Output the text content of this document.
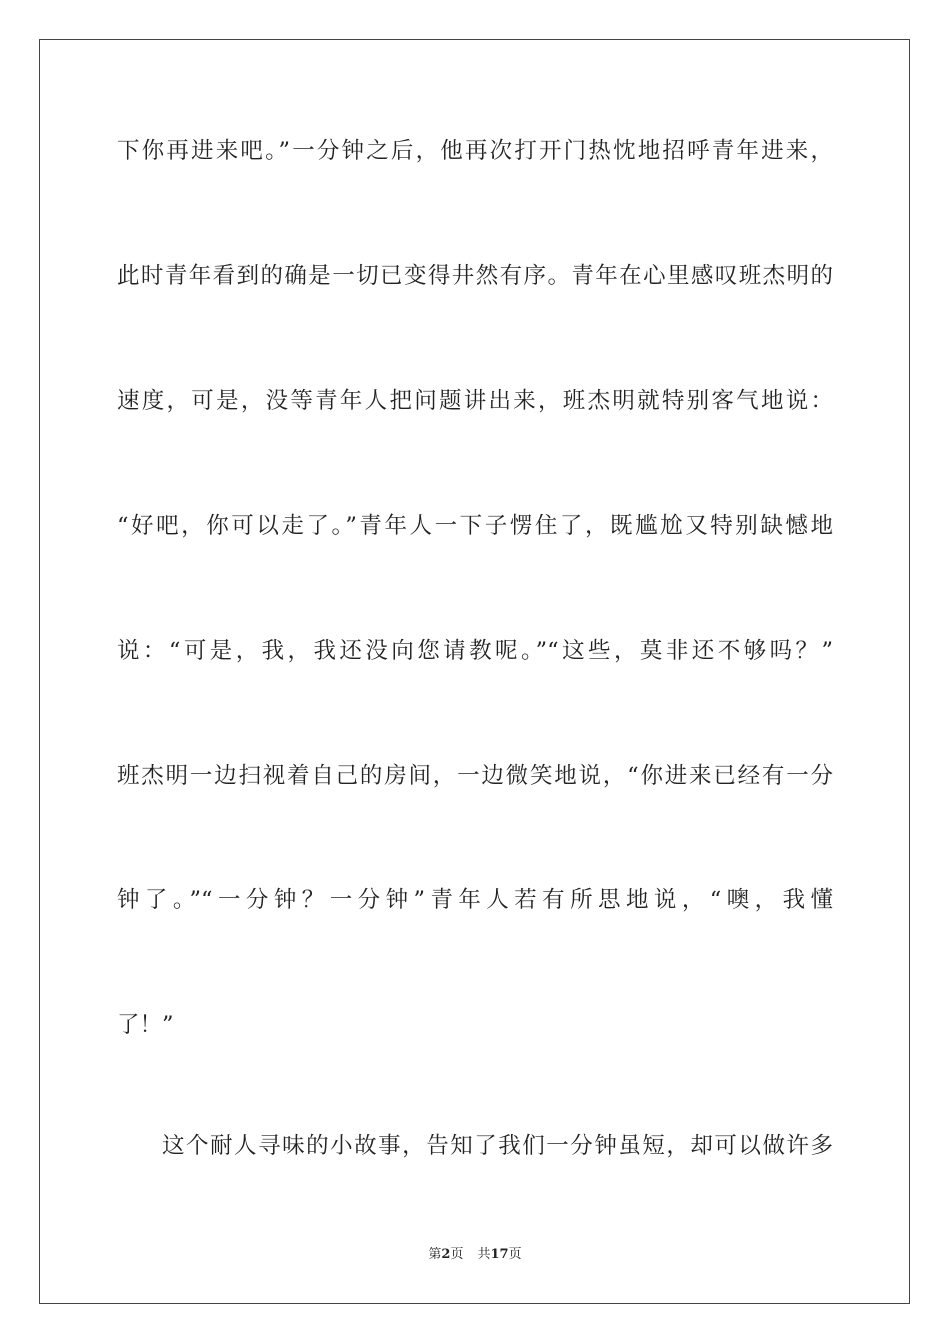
下你再进来吧。”一分钟之后，他再次打开门热忱地招呼青年进来，
此时青年看到的确是一切已变得井然有序。青年在心里感叹班杰明的
速度，可是，没等青年人把问题讲出来，班杰明就特别客气地说：
“好吧，你可以走了。”青年人一下子愣住了，既尴尬又特别缺憾地
说：“可是，我，我还没向您请教呢。”“这些，莫非还不够吗？”
班杰明一边扫视着自己的房间，一边微笑地说，“你进来已经有一分
钟了。”“一分钟？一分钟”青年人若有所思地说，“噢，我懂
了！”
这个耐人寻味的小故事，告知了我们一分钟虽短，却可以做许多
第2页 共17页
